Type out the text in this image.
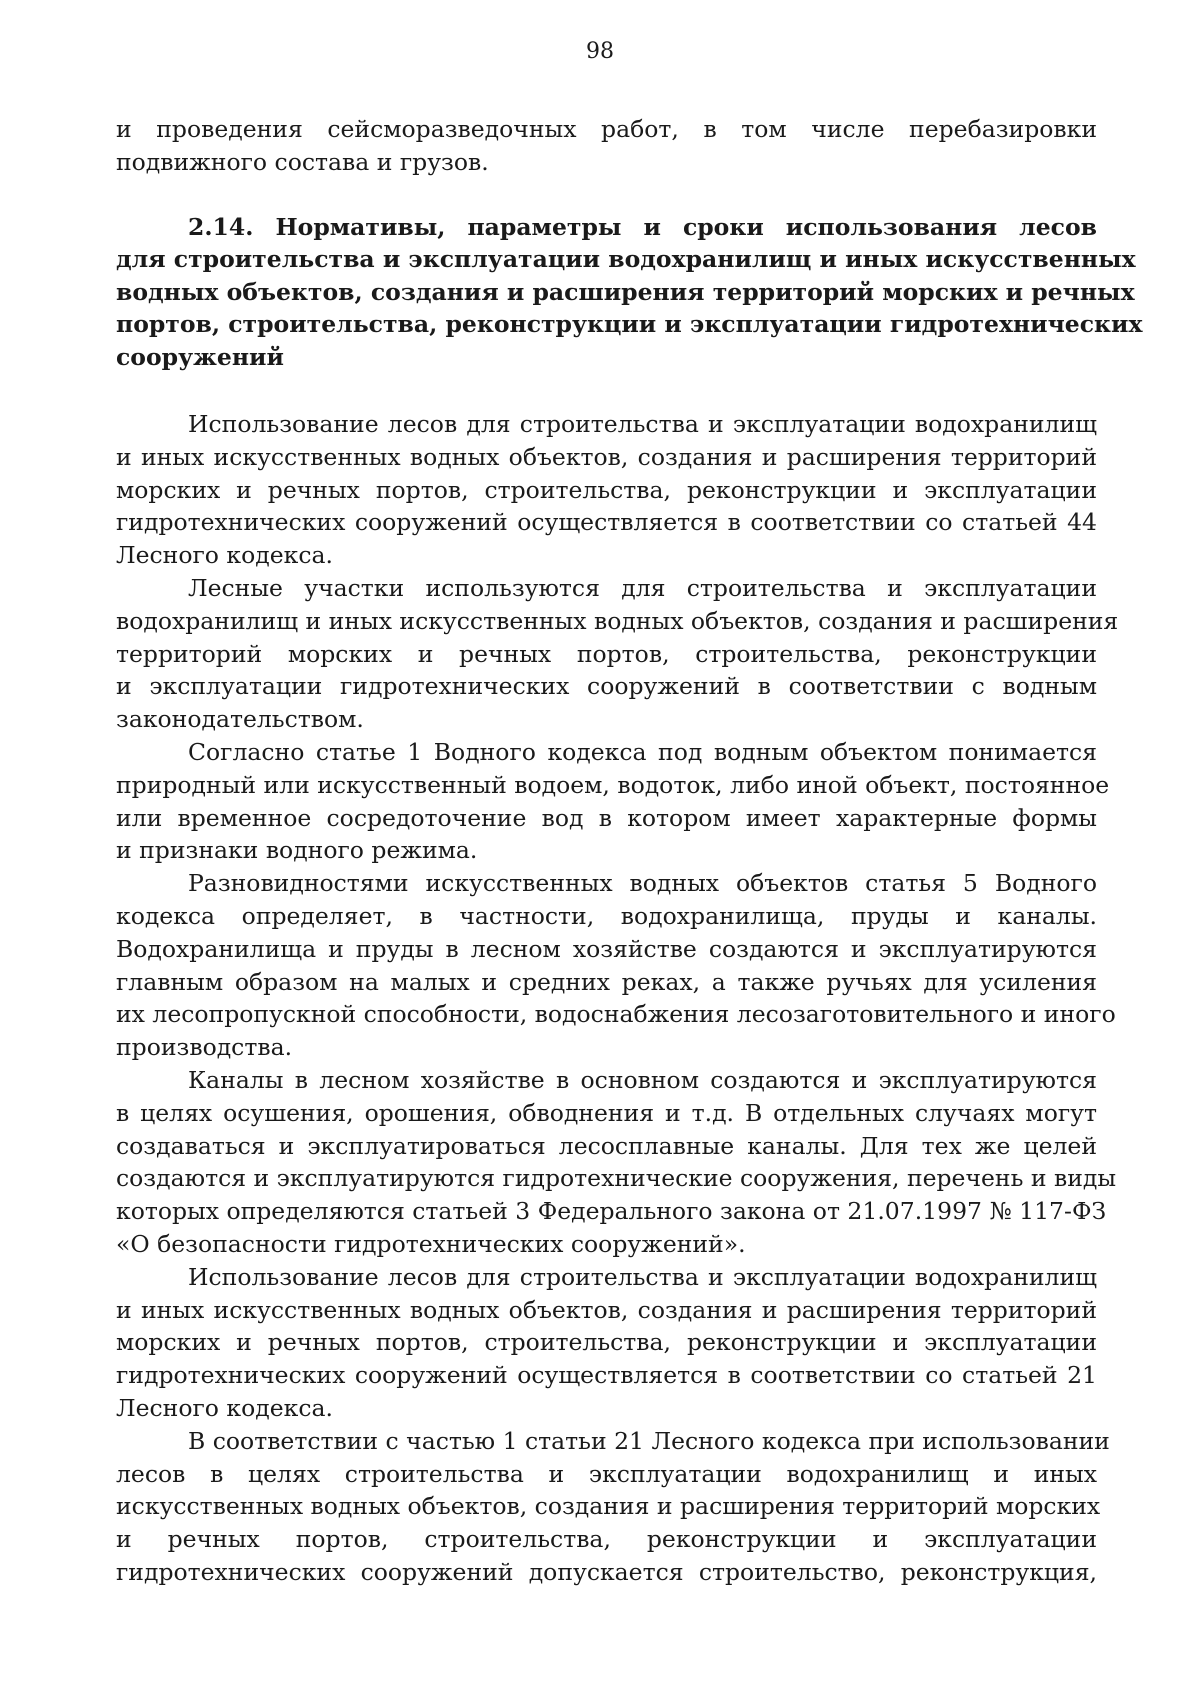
98
и проведения сейсморазведочных работ, в том числе перебазировки
подвижного состава и грузов.
2.14. Нормативы, параметры и сроки использования лесов
для строительства и эксплуатации водохранилищ и иных искусственных
водных объектов, создания и расширения территорий морских и речных
портов, строительства, реконструкции и эксплуатации гидротехнических
сооружений
Использование лесов для строительства и эксплуатации водохранилищ
и иных искусственных водных объектов, создания и расширения территорий
морских и речных портов, строительства, реконструкции и эксплуатации
гидротехнических сооружений осуществляется в соответствии со статьей 44
Лесного кодекса.
Лесные участки используются для строительства и эксплуатации
водохранилищ и иных искусственных водных объектов, создания и расширения
территорий морских и речных портов, строительства, реконструкции
и эксплуатации гидротехнических сооружений в соответствии с водным
законодательством.
Согласно статье 1 Водного кодекса под водным объектом понимается
природный или искусственный водоем, водоток, либо иной объект, постоянное
или временное сосредоточение вод в котором имеет характерные формы
и признаки водного режима.
Разновидностями искусственных водных объектов статья 5 Водного
кодекса определяет, в частности, водохранилища, пруды и каналы.
Водохранилища и пруды в лесном хозяйстве создаются и эксплуатируются
главным образом на малых и средних реках, а также ручьях для усиления
их лесопропускной способности, водоснабжения лесозаготовительного и иного
производства.
Каналы в лесном хозяйстве в основном создаются и эксплуатируются
в целях осушения, орошения, обводнения и т.д. В отдельных случаях могут
создаваться и эксплуатироваться лесосплавные каналы. Для тех же целей
создаются и эксплуатируются гидротехнические сооружения, перечень и виды
которых определяются статьей 3 Федерального закона от 21.07.1997 № 117-ФЗ
«О безопасности гидротехнических сооружений».
Использование лесов для строительства и эксплуатации водохранилищ
и иных искусственных водных объектов, создания и расширения территорий
морских и речных портов, строительства, реконструкции и эксплуатации
гидротехнических сооружений осуществляется в соответствии со статьей 21
Лесного кодекса.
В соответствии с частью 1 статьи 21 Лесного кодекса при использовании
лесов в целях строительства и эксплуатации водохранилищ и иных
искусственных водных объектов, создания и расширения территорий морских
и речных портов, строительства, реконструкции и эксплуатации
гидротехнических сооружений допускается строительство, реконструкция,
